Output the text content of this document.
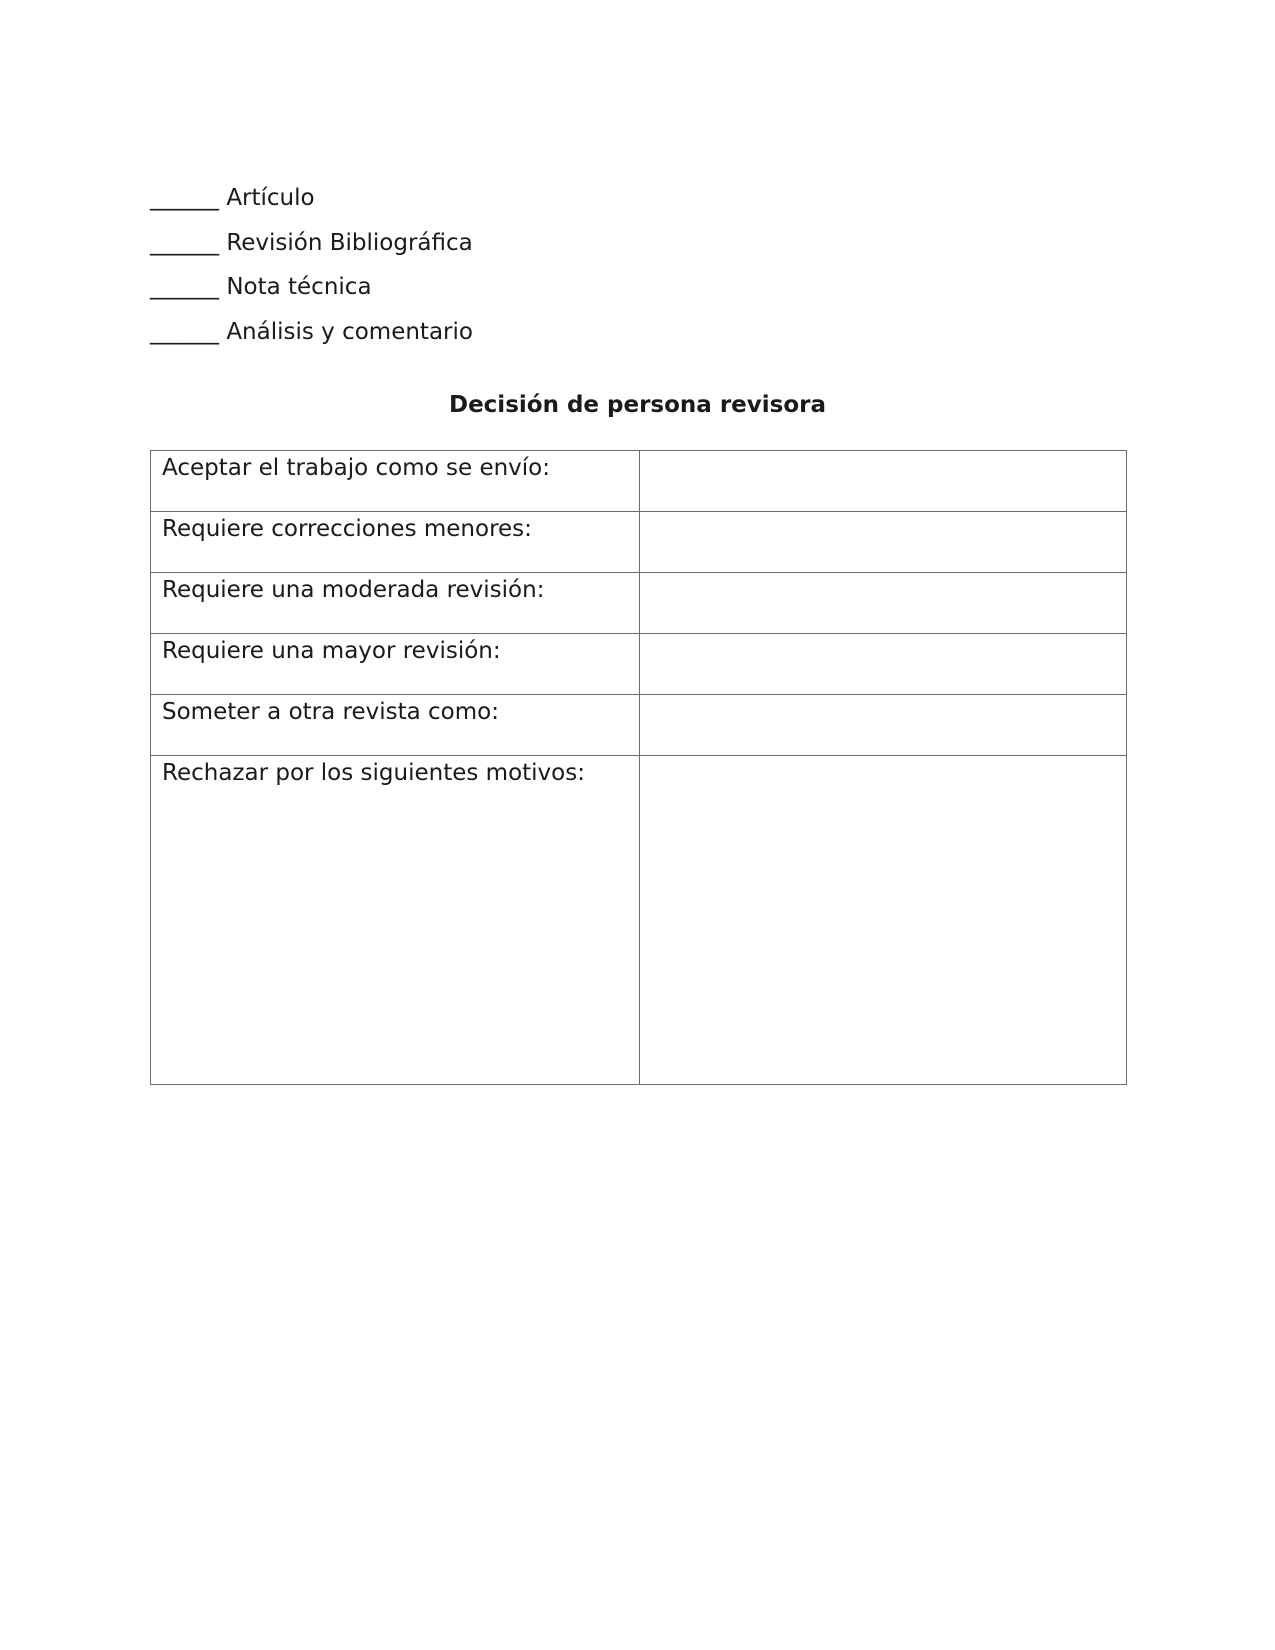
______ Artículo
______ Revisión Bibliográfica
______ Nota técnica
______ Análisis y comentario
Decisión de persona revisora
Aceptar el trabajo como se envío:	
Requiere correcciones menores:	
Requiere una moderada revisión:	
Requiere una mayor revisión:	
Someter a otra revista como:	
Rechazar por los siguientes motivos:	
